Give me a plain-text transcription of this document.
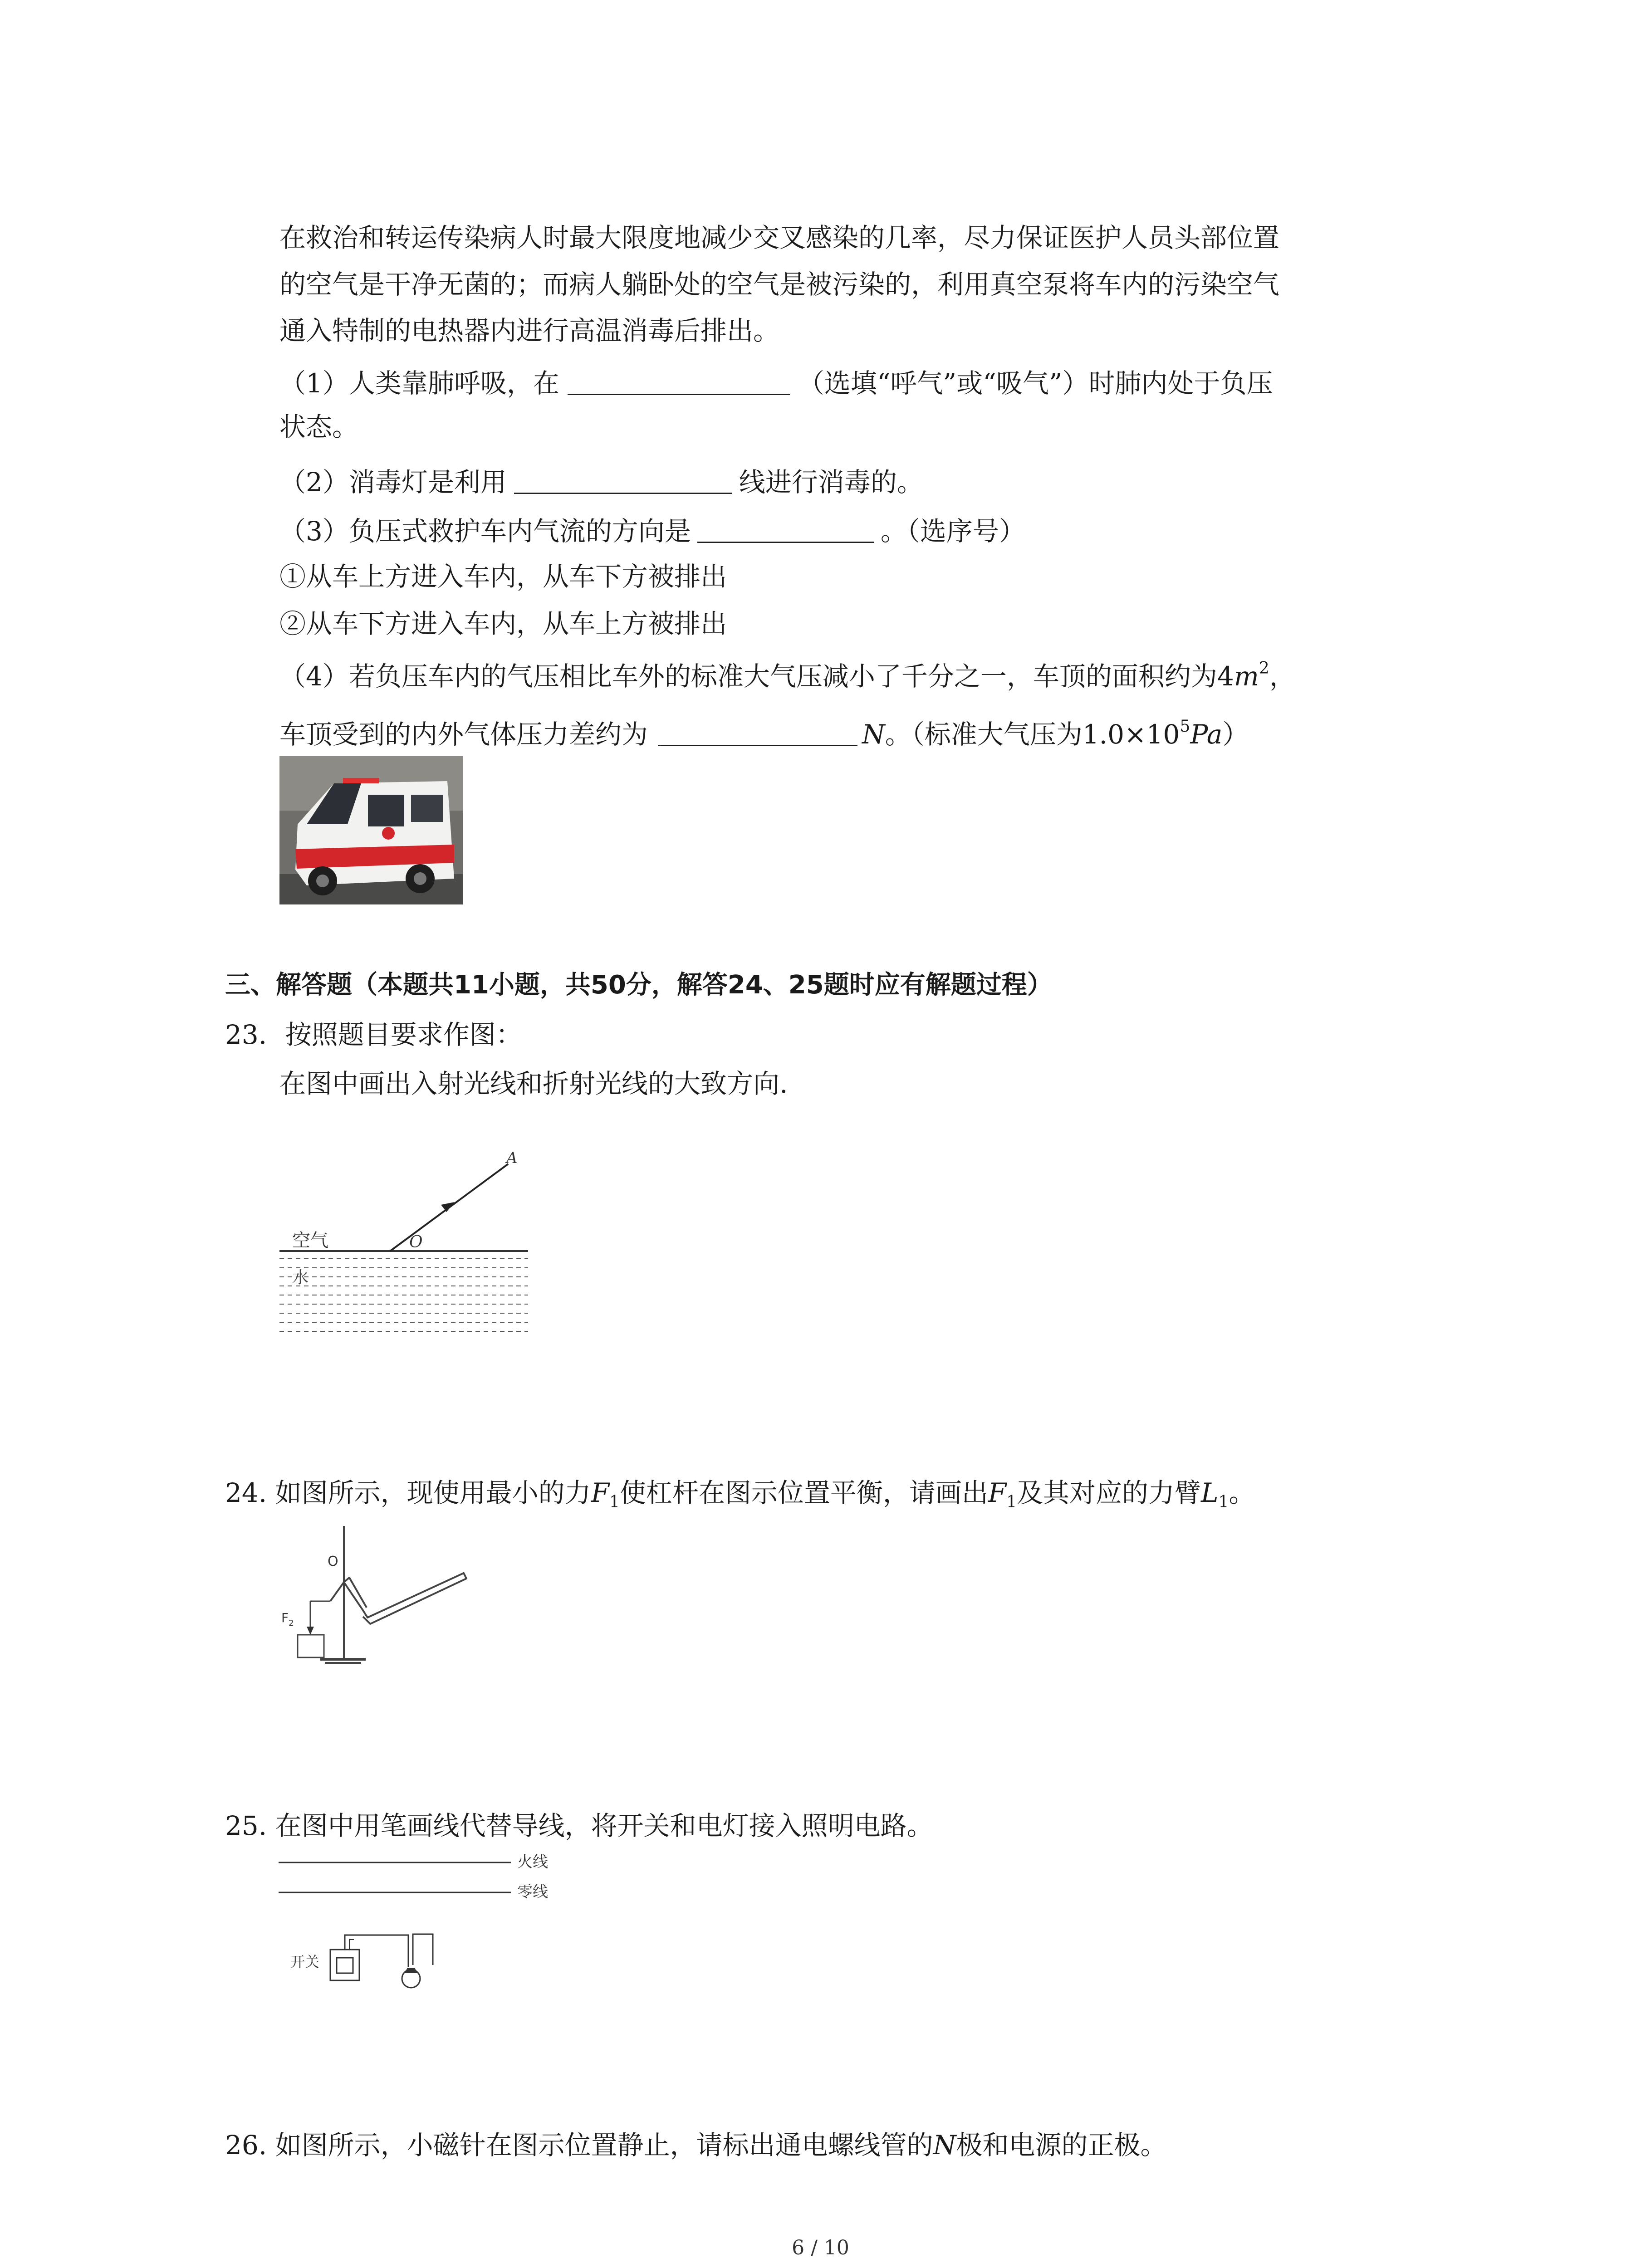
在救治和转运传染病人时最大限度地减少交叉感染的几率，尽力保证医护人员头部位置
的空气是干净无菌的；而病人躺卧处的空气是被污染的，利用真空泵将车内的污染空气
通入特制的电热器内进行高温消毒后排出。
（1）人类靠肺呼吸，在	（选填“呼气”或“吸气”）时肺内处于负压
状态。
（2）消毒灯是利用	线进行消毒的。
（3）负压式救护车内气流的方向是	。（选序号）
①从车上方进入车内，从车下方被排出
②从车下方进入车内，从车上方被排出
（4）若负压车内的气压相比车外的标准大气压减小了千分之一，车顶的面积约为$4m^2$，
车顶受到的内外气体压力差约为	N。（标准大气压为$1.0\times 10^5Pa$）
三、解答题（本题共11小题，共50分，解答24、25题时应有解题过程）
23. 按照题目要求作图：
在图中画出入射光线和折射光线的大致方向.
空气
水
A
O
24. 如图所示，现使用最小的力$F_1$使杠杆在图示位置平衡，请画出$F_1$及其对应的力臂$L_1$。
O
$F_2$
25. 在图中用笔画线代替导线，将开关和电灯接入照明电路。
火线
零线
开关
26. 如图所示，小磁针在图示位置静止，请标出通电螺线管的N极和电源的正极。
6 / 10
